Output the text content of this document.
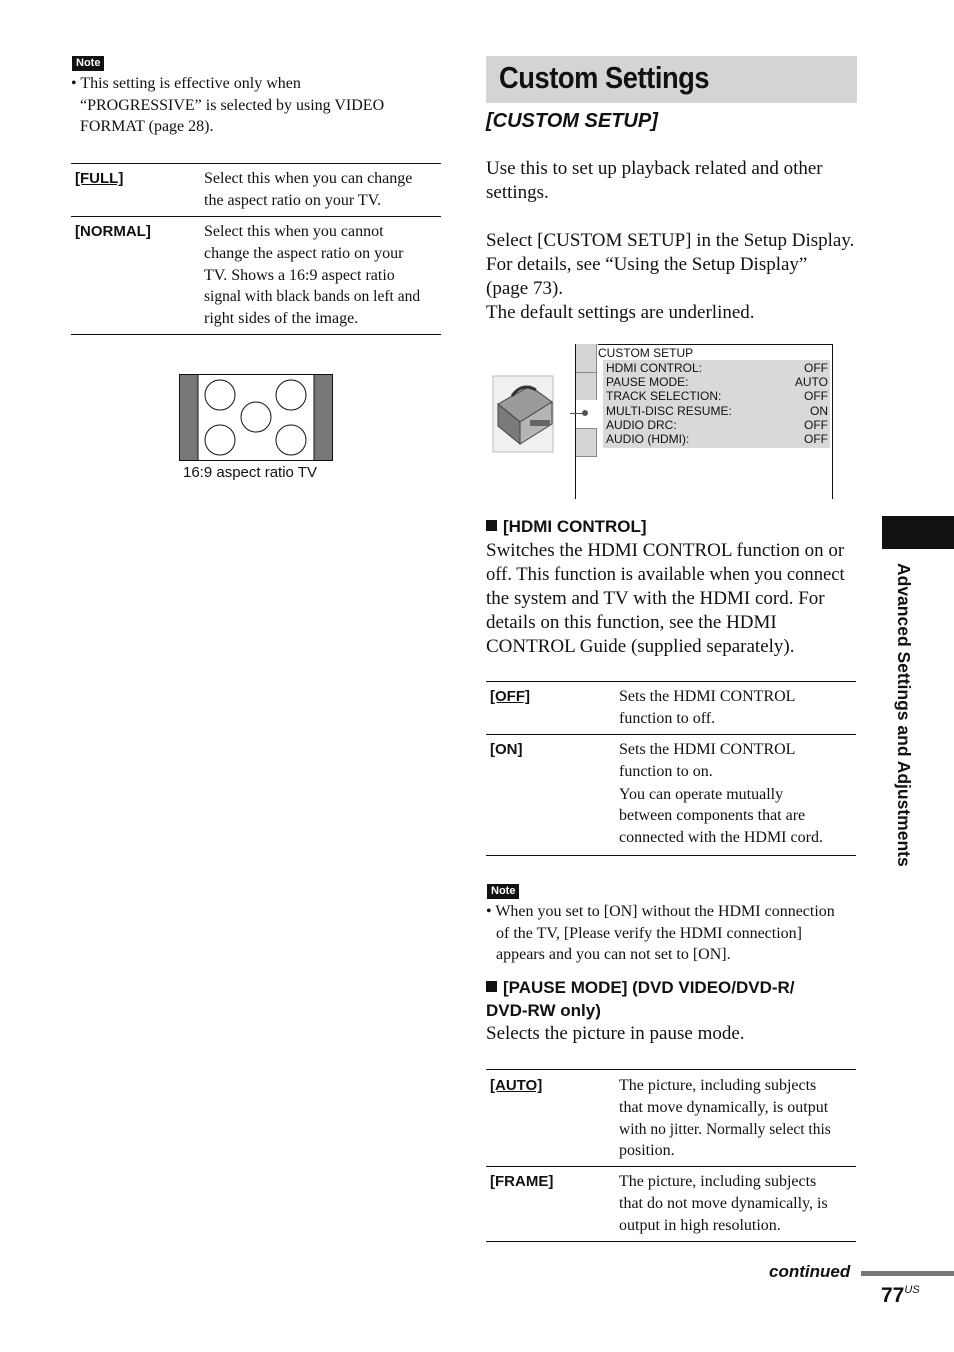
Note
• This setting is effective only when
“PROGRESSIVE” is selected by using VIDEO
FORMAT (page 28).
[FULL]	Select this when you can change
the aspect ratio on your TV.
[NORMAL]	Select this when you cannot
change the aspect ratio on your
TV. Shows a 16:9 aspect ratio
signal with black bands on left and
right sides of the image.
16:9 aspect ratio TV
Custom Settings
[CUSTOM SETUP]
Use this to set up playback related and other
settings.
Select [CUSTOM SETUP] in the Setup Display.
For details, see “Using the Setup Display”
(page 73).
The default settings are underlined.
CUSTOM SETUP
HDMI CONTROL:	OFF
PAUSE MODE:	AUTO
TRACK SELECTION:	OFF
MULTI-DISC RESUME:	ON
AUDIO DRC:	OFF
AUDIO (HDMI):	OFF
[HDMI CONTROL]
Switches the HDMI CONTROL function on or
off. This function is available when you connect
the system and TV with the HDMI cord. For
details on this function, see the HDMI
CONTROL Guide (supplied separately).
[OFF]	Sets the HDMI CONTROL
function to off.
[ON]	Sets the HDMI CONTROL
function to on.
You can operate mutually
between components that are
connected with the HDMI cord.
Note
• When you set to [ON] without the HDMI connection
of the TV, [Please verify the HDMI connection]
appears and you can not set to [ON].
[PAUSE MODE] (DVD VIDEO/DVD-R/
DVD-RW only)
Selects the picture in pause mode.
[AUTO]	The picture, including subjects
that move dynamically, is output
with no jitter. Normally select this
position.
[FRAME]	The picture, including subjects
that do not move dynamically, is
output in high resolution.
continued
$77^{US}$
Advanced Settings and Adjustments
